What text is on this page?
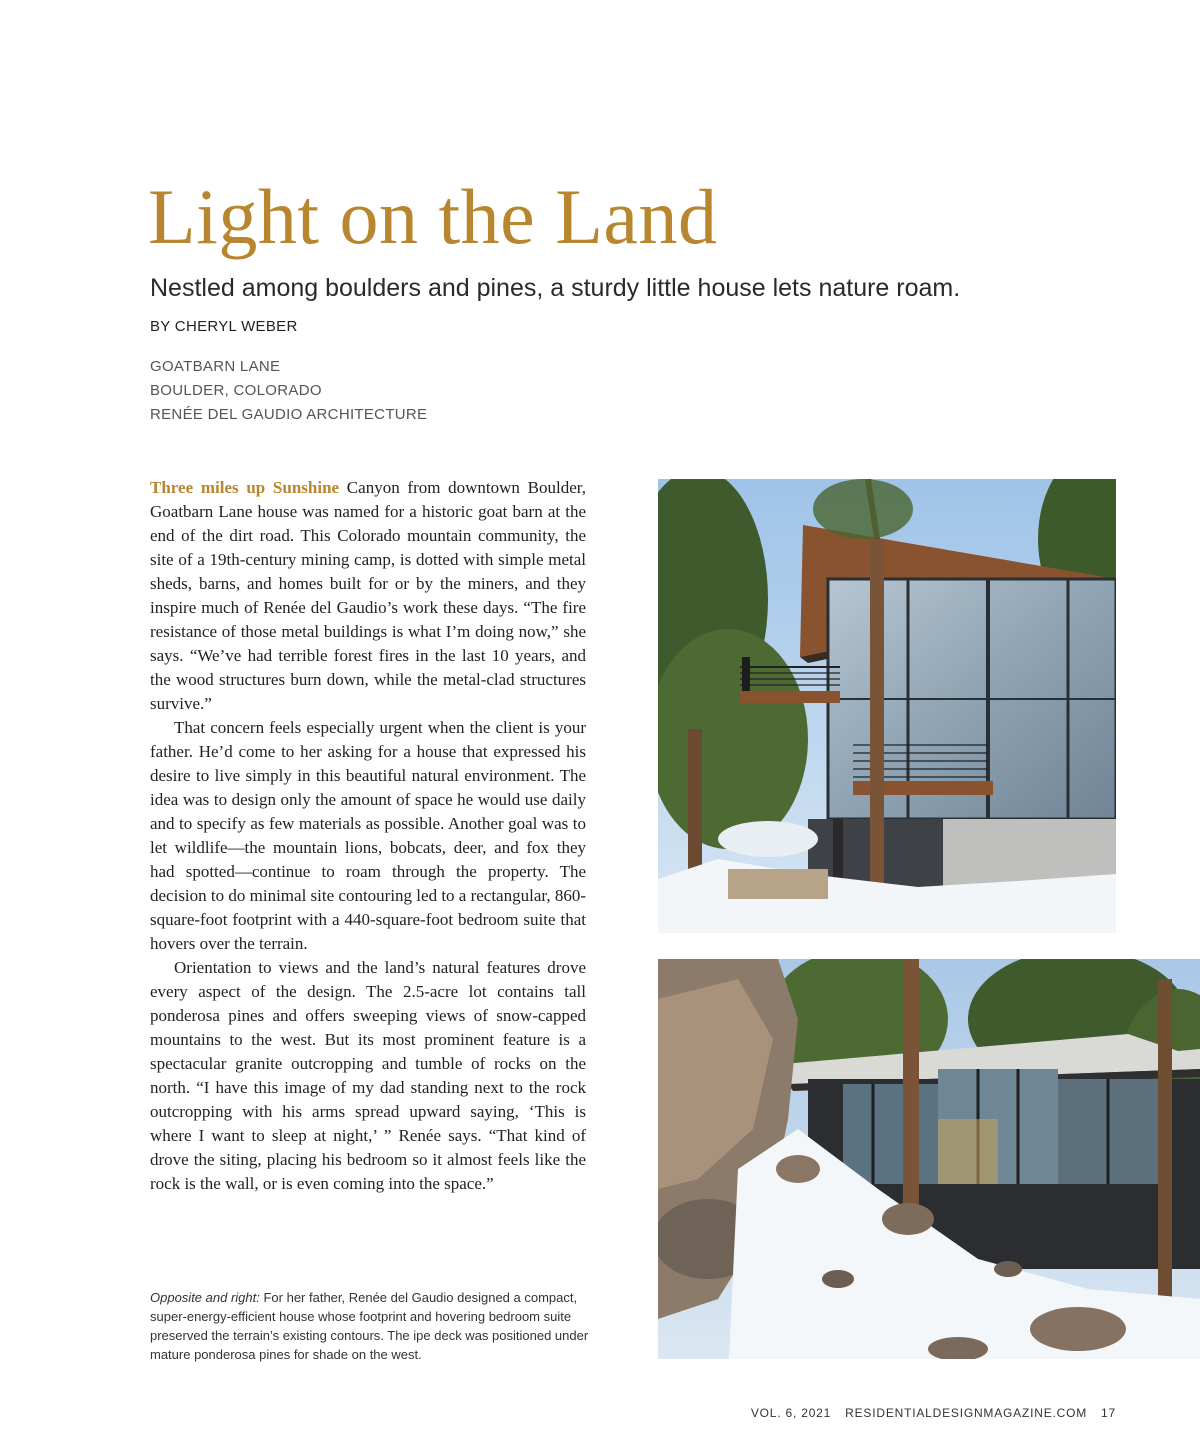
Light on the Land
Nestled among boulders and pines, a sturdy little house lets nature roam.
BY CHERYL WEBER
GOATBARN LANE
BOULDER, COLORADO
RENÉE DEL GAUDIO ARCHITECTURE

Three miles up Sunshine Canyon from downtown Boulder, Goatbarn Lane house was named for a historic goat barn at the end of the dirt road. This Colorado mountain community, the site of a 19th-century mining camp, is dotted with simple metal sheds, barns, and homes built for or by the miners, and they inspire much of Renée del Gaudio’s work these days. “The fire resistance of those metal buildings is what I’m doing now,” she says. “We’ve had terrible forest fires in the last 10 years, and the wood structures burn down, while the metal-clad structures survive.”

That concern feels especially urgent when the client is your father. He’d come to her asking for a house that expressed his desire to live simply in this beautiful natural environment. The idea was to design only the amount of space he would use daily and to specify as few materials as possible. Another goal was to let wildlife—the mountain lions, bobcats, deer, and fox they had spotted—continue to roam through the property. The decision to do minimal site contouring led to a rectangular, 860-square-foot footprint with a 440-square-foot bedroom suite that hovers over the terrain.

Orientation to views and the land’s natural features drove every aspect of the design. The 2.5-acre lot contains tall ponderosa pines and offers sweeping views of snow-capped mountains to the west. But its most prominent feature is a spectacular granite outcropping and tumble of rocks on the north. “I have this image of my dad standing next to the rock outcropping with his arms spread upward saying, ‘This is where I want to sleep at night,’ ” Renée says. “That kind of drove the siting, placing his bedroom so it almost feels like the rock is the wall, or is even coming into the space.”

Opposite and right: For her father, Renée del Gaudio designed a compact, super-energy-efficient house whose footprint and hovering bedroom suite preserved the terrain’s existing contours. The ipe deck was positioned under mature ponderosa pines for shade on the west.
VOL. 6, 2021 RESIDENTIALDESIGNMAGAZINE.COM 17
